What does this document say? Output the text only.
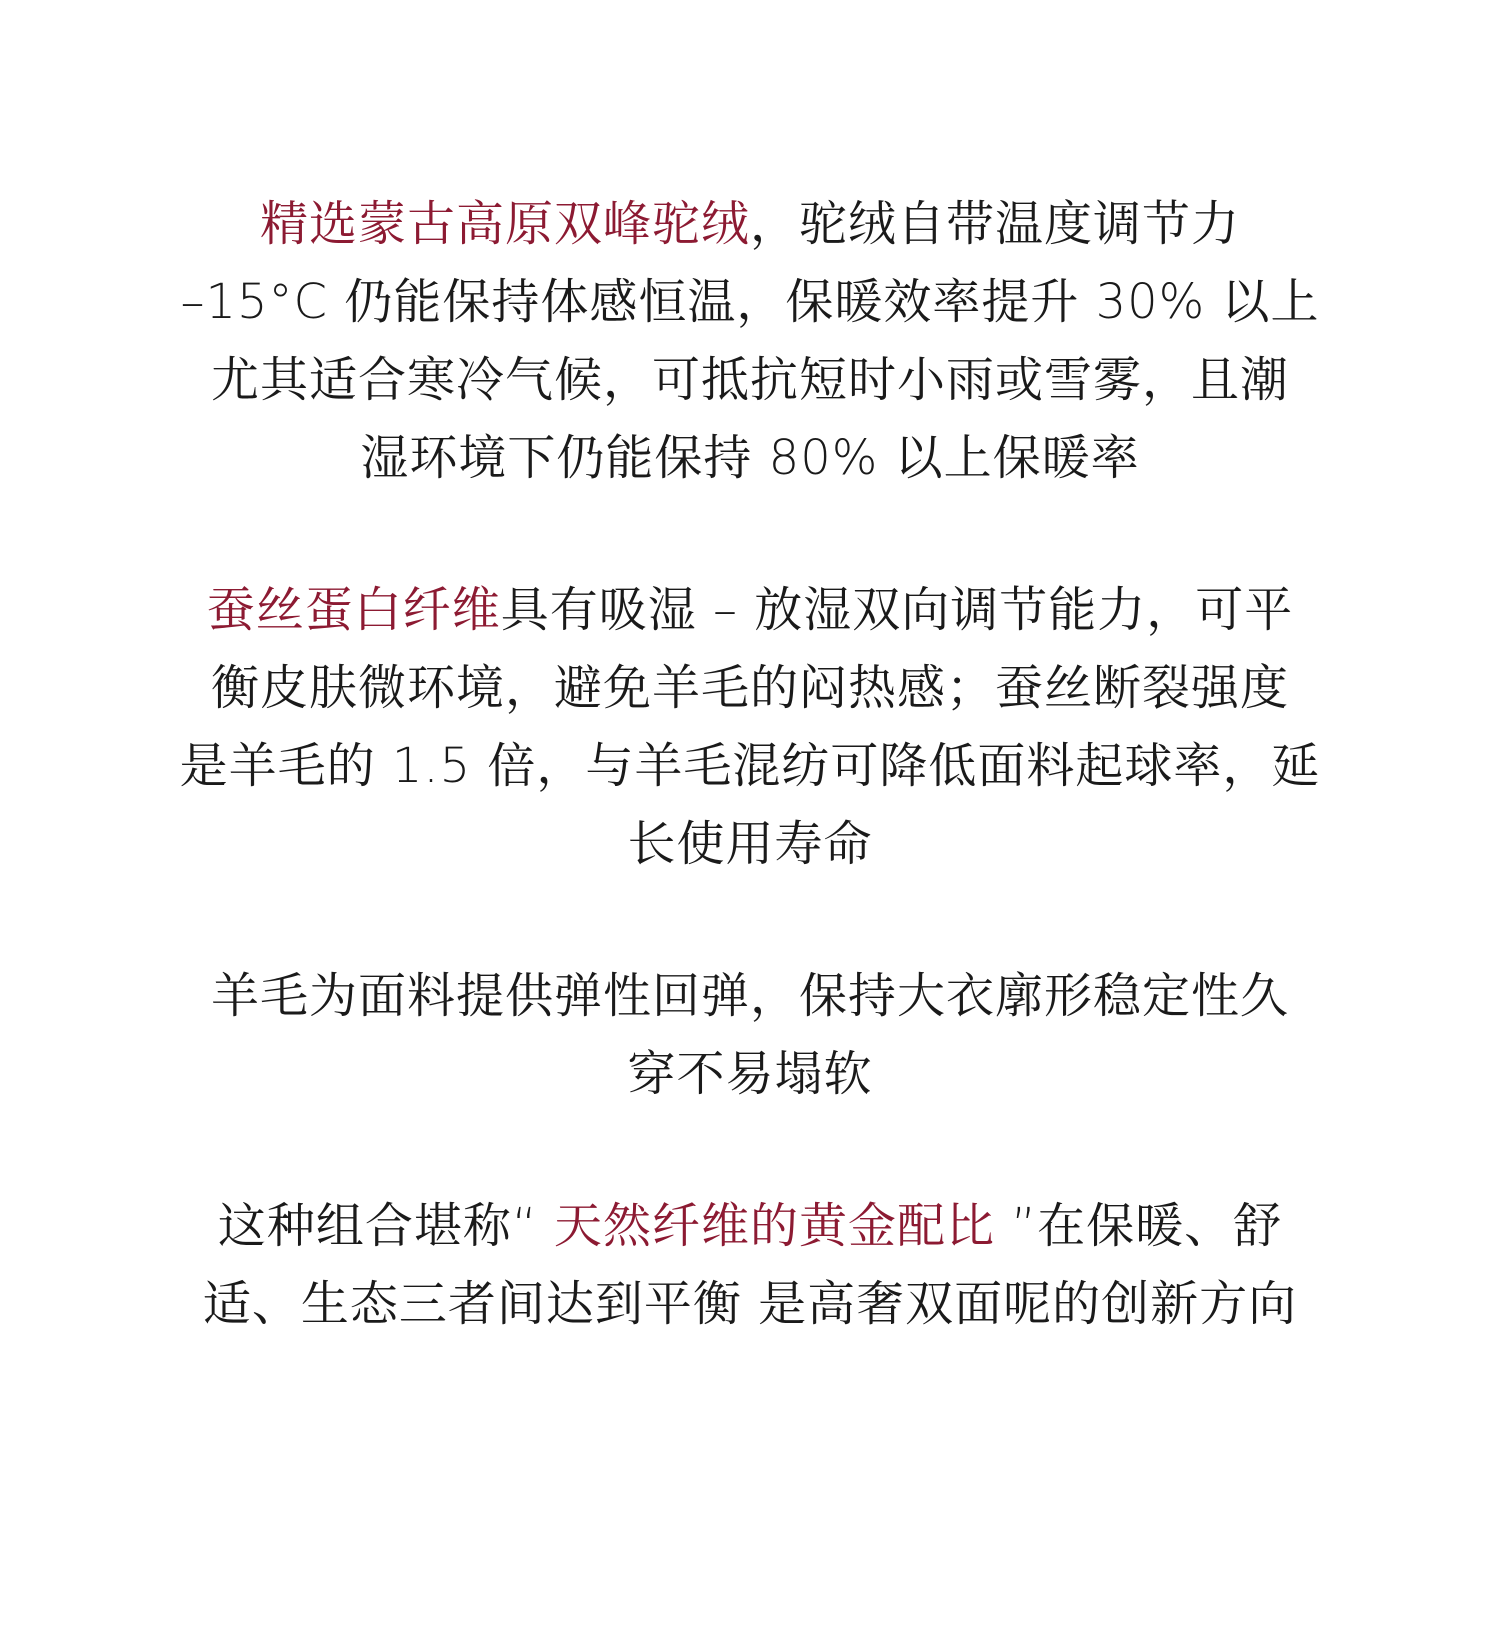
精选蒙古高原双峰驼绒，驼绒自带温度调节力
–15°C 仍能保持体感恒温，保暖效率提升 30% 以上
尤其适合寒冷气候，可抵抗短时小雨或雪雾，且潮
湿环境下仍能保持 80% 以上保暖率

蚕丝蛋白纤维具有吸湿 – 放湿双向调节能力，可平
衡皮肤微环境，避免羊毛的闷热感；蚕丝断裂强度
是羊毛的 1.5 倍，与羊毛混纺可降低面料起球率，延
长使用寿命

羊毛为面料提供弹性回弹，保持大衣廓形稳定性久
穿不易塌软

这种组合堪称“ 天然纤维的黄金配比 ”在保暖、舒
适、生态三者间达到平衡 是高奢双面呢的创新方向
